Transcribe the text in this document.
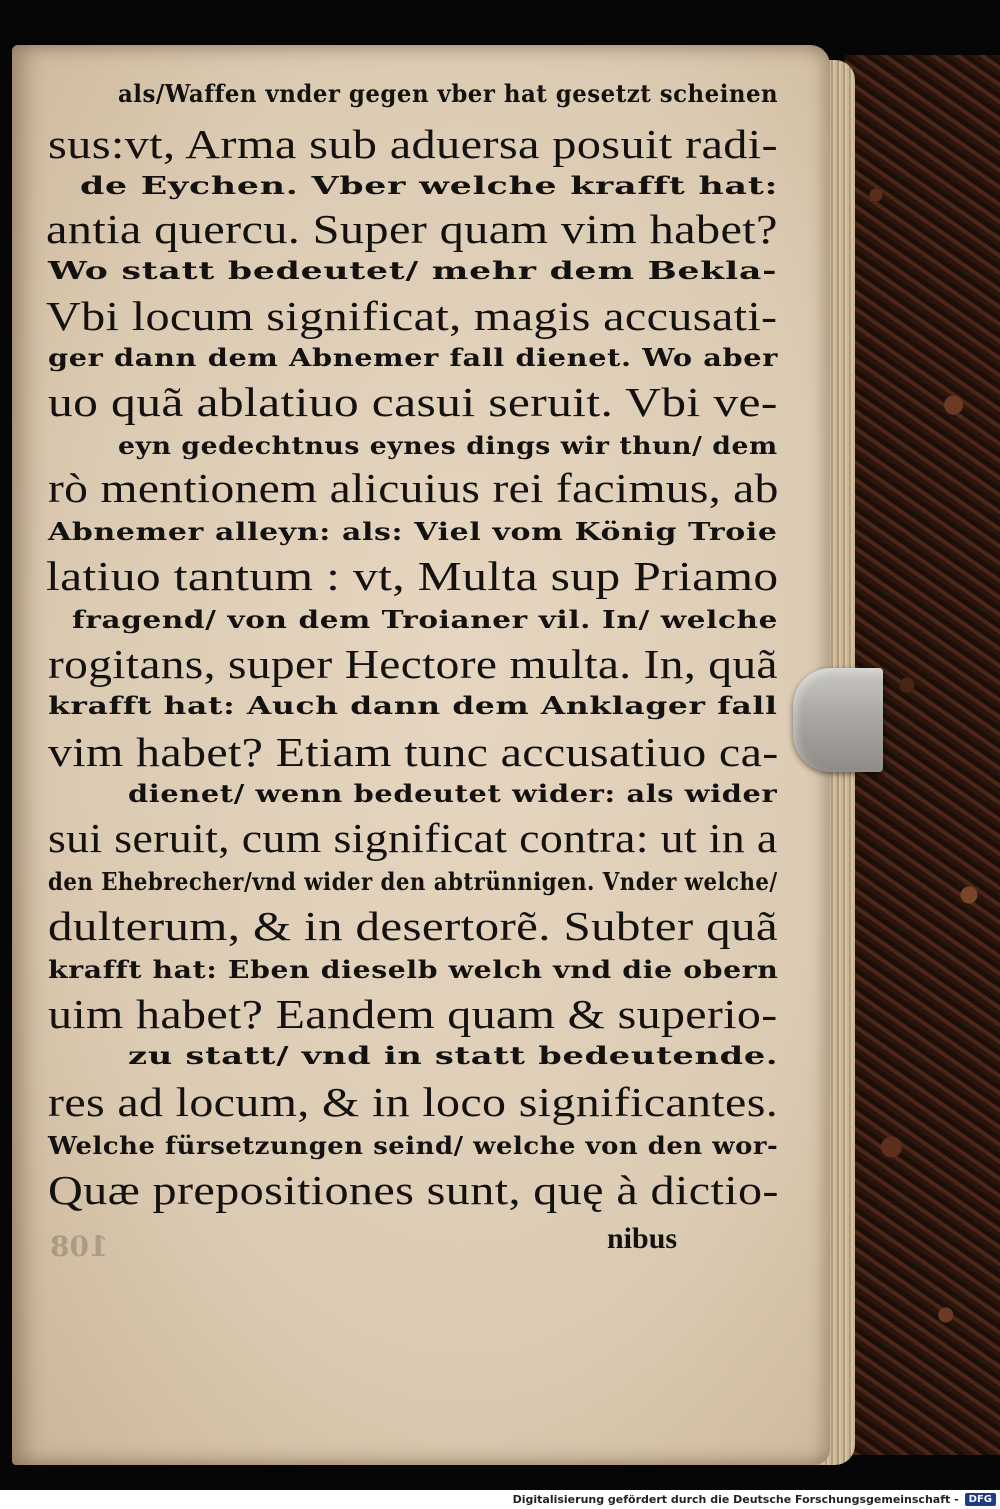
als/Waffen vnder gegen vber hat gesetzt scheinen

sus:vt, Arma sub aduersa posuit radi-

de Eychen. Vber welche krafft hat:

antia quercu. Super quam vim habet?

Wo statt bedeutet/ mehr dem Bekla-

Vbi locum significat, magis accusati-

ger dann dem Abnemer fall dienet. Wo aber

uo quã ablatiuo casui seruit. Vbi ve-

eyn gedechtnus eynes dings wir thun/ dem

rò mentionem alicuius rei facimus, ab

Abnemer alleyn: als: Viel vom König Troie

latiuo tantum : vt, Multa sup Priamo

fragend/ von dem Troianer vil. In/ welche

rogitans, super Hectore multa. In, quã

krafft hat: Auch dann dem Anklager fall

vim habet? Etiam tunc accusatiuo ca-

dienet/ wenn bedeutet wider: als wider

sui seruit, cum significat contra: ut in a

den Ehebrecher/vnd wider den abtrünnigen. Vnder welche/

dulterum, & in desertorẽ. Subter quã

krafft hat: Eben dieselb welch vnd die obern

uim habet? Eandem quam & superio-

zu statt/ vnd in statt bedeutende.

res ad locum, & in loco significantes.

Welche fürsetzungen seind/ welche von den wor-

Quæ prepositiones sunt, quę à dictio-

108	nibus
Digitalisierung gefördert durch die Deutsche Forschungsgemeinschaft -	DFG
